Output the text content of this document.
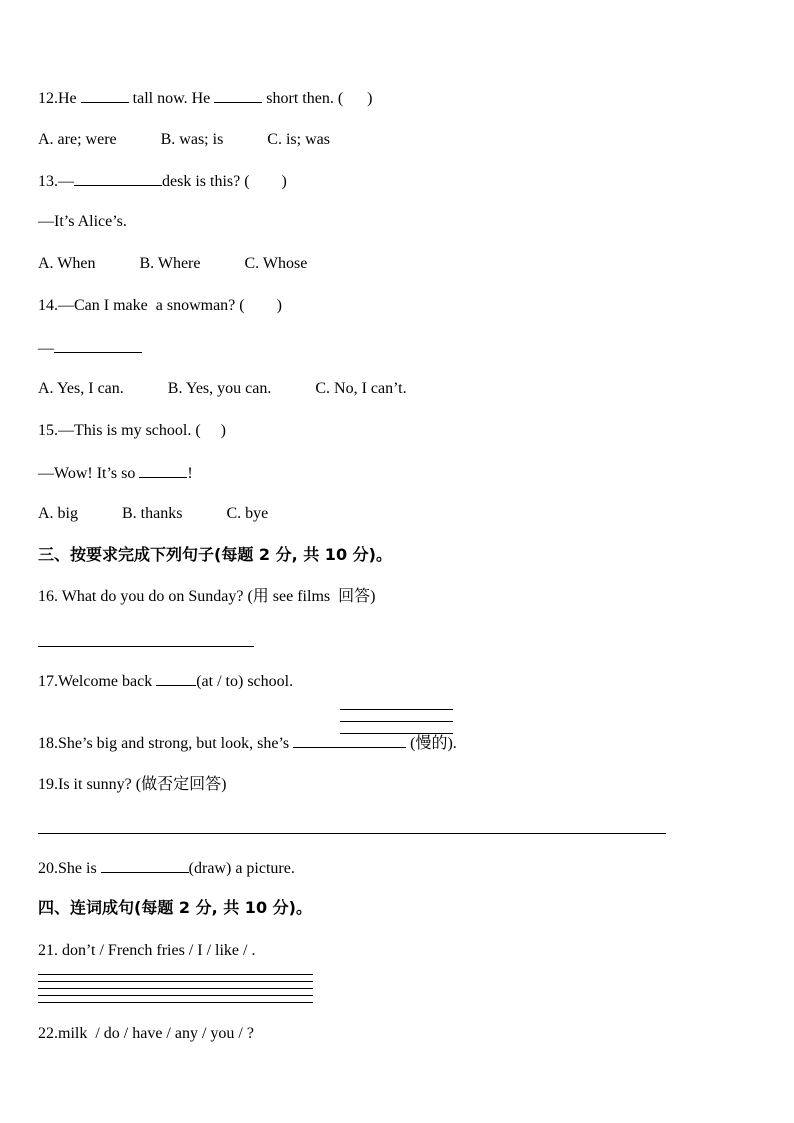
12.He	tall now. He	short then. (      )
A. are; were	B. was; is	C. is; was
13.—	desk is this? (        )
—It’s Alice’s.
A. When	B. Where	C. Whose
14.—Can I make  a snowman? (        )
—
A. Yes, I can.	B. Yes, you can.	C. No, I can’t.
15.—This is my school. (     )
—Wow! It’s so	!
A. big	B. thanks	C. bye
三、按要求完成下列句子(每题 2 分, 共 10 分)。
16. What do you do on Sunday? (用 see films  回答)
17.Welcome back	(at / to) school.
18.She’s big and strong, but look, she’s	(慢的).
19.Is it sunny? (做否定回答)
20.She is	(draw) a picture.
四、连词成句(每题 2 分, 共 10 分)。
21. don’t / French fries / I / like / .
22.milk  / do / have / any / you / ?
